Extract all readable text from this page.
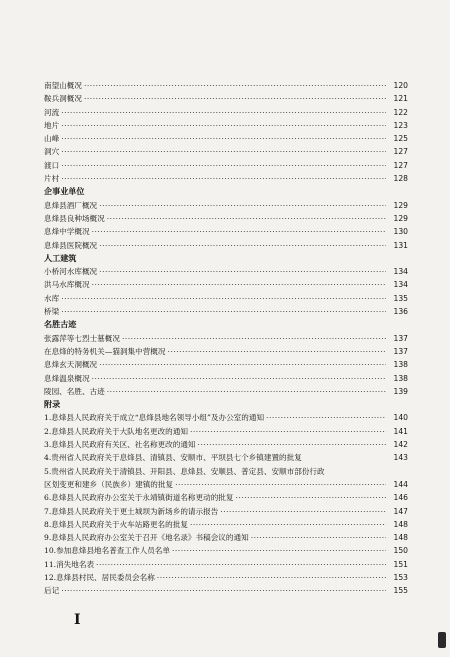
南望山概况 ·····	120
鞍兵洞概况 ·····	121
河流 ·····	122
地片 ·····	123
山峰 ·····	125
洞穴 ·····	127
渡口 ·····	127
片村 ·····	128
企事业单位
息烽县酒厂概况 ·····	129
息烽县良种场概况 ·····	129
息烽中学概况 ·····	130
息烽县医院概况 ·····	131
人工建筑
小桥河水库概况 ·····	134
洪马水库概况 ·····	134
水库 ·····	135
桥梁 ·····	136
名胜古迹
张露萍等七烈士墓概况 ·····	137
在息烽的特务机关—猫洞集中营概况 ·····	137
息烽玄天洞概况 ·····	138
息烽温泉概况 ·····	138
陵园、名胜、古迹 ·····	139
附录
1.息烽县人民政府关于成立“息烽县地名领导小组”及办公室的通知 ·····	140
2.息烽县人民政府关于大队地名更改的通知 ·····	141
3.息烽县人民政府有关区、社名称更改的通知 ·····	142
4.贵州省人民政府关于息烽县、清镇县、安顺市、平坝县七个乡镇建置的批复	143
5.贵州省人民政府关于清镇县、开阳县、息烽县、安顺县、普定县、安顺市部份行政
区划变更和建乡（民族乡）建镇的批复 ·····	144
6.息烽县人民政府办公室关于永靖镇街道名称更动的批复 ·····	146
7.息烽县人民政府关于更土城坝为新场乡的请示报告 ·····	147
8.息烽县人民政府关于火车站路更名的批复 ·····	148
9.息烽县人民政府办公室关于召开《地名录》书稿会议的通知 ·····	148
10.参加息烽县地名普查工作人员名单 ·····	150
11.消失地名表 ·····	151
12.息烽县村民、居民委员会名称 ·····	153
后记 ·····	155
I
